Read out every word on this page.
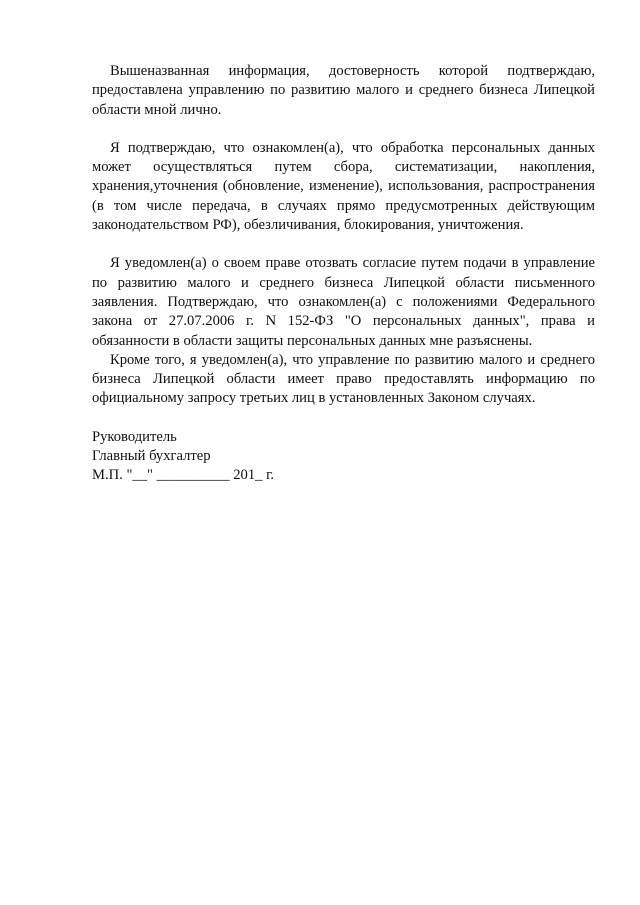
Вышеназванная информация, достоверность которой подтверждаю, предоставлена управлению по развитию малого и среднего бизнеса Липецкой области мной лично.

Я подтверждаю, что ознакомлен(а), что обработка персональных данных может осуществляться путем сбора, систематизации, накопления, хранения,уточнения (обновление, изменение), использования, распространения (в том числе передача, в случаях прямо предусмотренных действующим законодательством РФ), обезличивания, блокирования, уничтожения.

Я уведомлен(а) о своем праве отозвать согласие путем подачи в управление по развитию малого и среднего бизнеса Липецкой области письменного заявления. Подтверждаю, что ознакомлен(а) с положениями Федерального закона от 27.07.2006 г. N 152-ФЗ "О персональных данных", права и обязанности в области защиты персональных данных мне разъяснены.

Кроме того, я уведомлен(а), что управление по развитию малого и среднего бизнеса Липецкой области имеет право предоставлять информацию по официальному запросу третьих лиц в установленных Законом случаях.

Руководитель

Главный бухгалтер

М.П. "__" __________ 201_ г.
